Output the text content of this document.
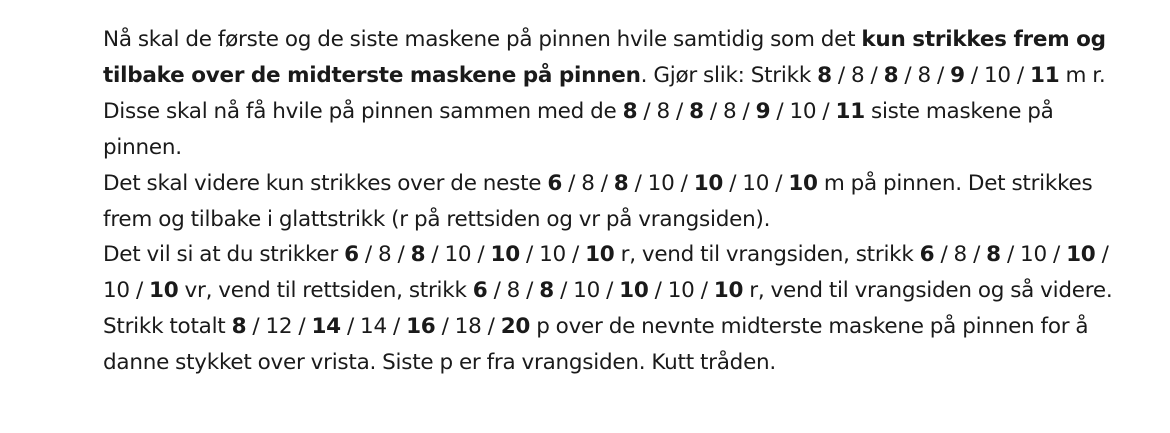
Nå skal de første og de siste maskene på pinnen hvile samtidig som det kun strikkes frem og tilbake over de midterste maskene på pinnen. Gjør slik: Strikk 8 / 8 / 8 / 8 / 9 / 10 / 11 m r. Disse skal nå få hvile på pinnen sammen med de 8 / 8 / 8 / 8 / 9 / 10 / 11 siste maskene på pinnen.

Det skal videre kun strikkes over de neste 6 / 8 / 8 / 10 / 10 / 10 / 10 m på pinnen. Det strikkes frem og tilbake i glattstrikk (r på rettsiden og vr på vrangsiden).

Det vil si at du strikker 6 / 8 / 8 / 10 / 10 / 10 / 10 r, vend til vrangsiden, strikk 6 / 8 / 8 / 10 / 10 / 10 / 10 vr, vend til rettsiden, strikk 6 / 8 / 8 / 10 / 10 / 10 / 10 r, vend til vrangsiden og så videre. Strikk totalt 8 / 12 / 14 / 14 / 16 / 18 / 20 p over de nevnte midterste maskene på pinnen for å danne stykket over vrista. Siste p er fra vrangsiden. Kutt tråden.
